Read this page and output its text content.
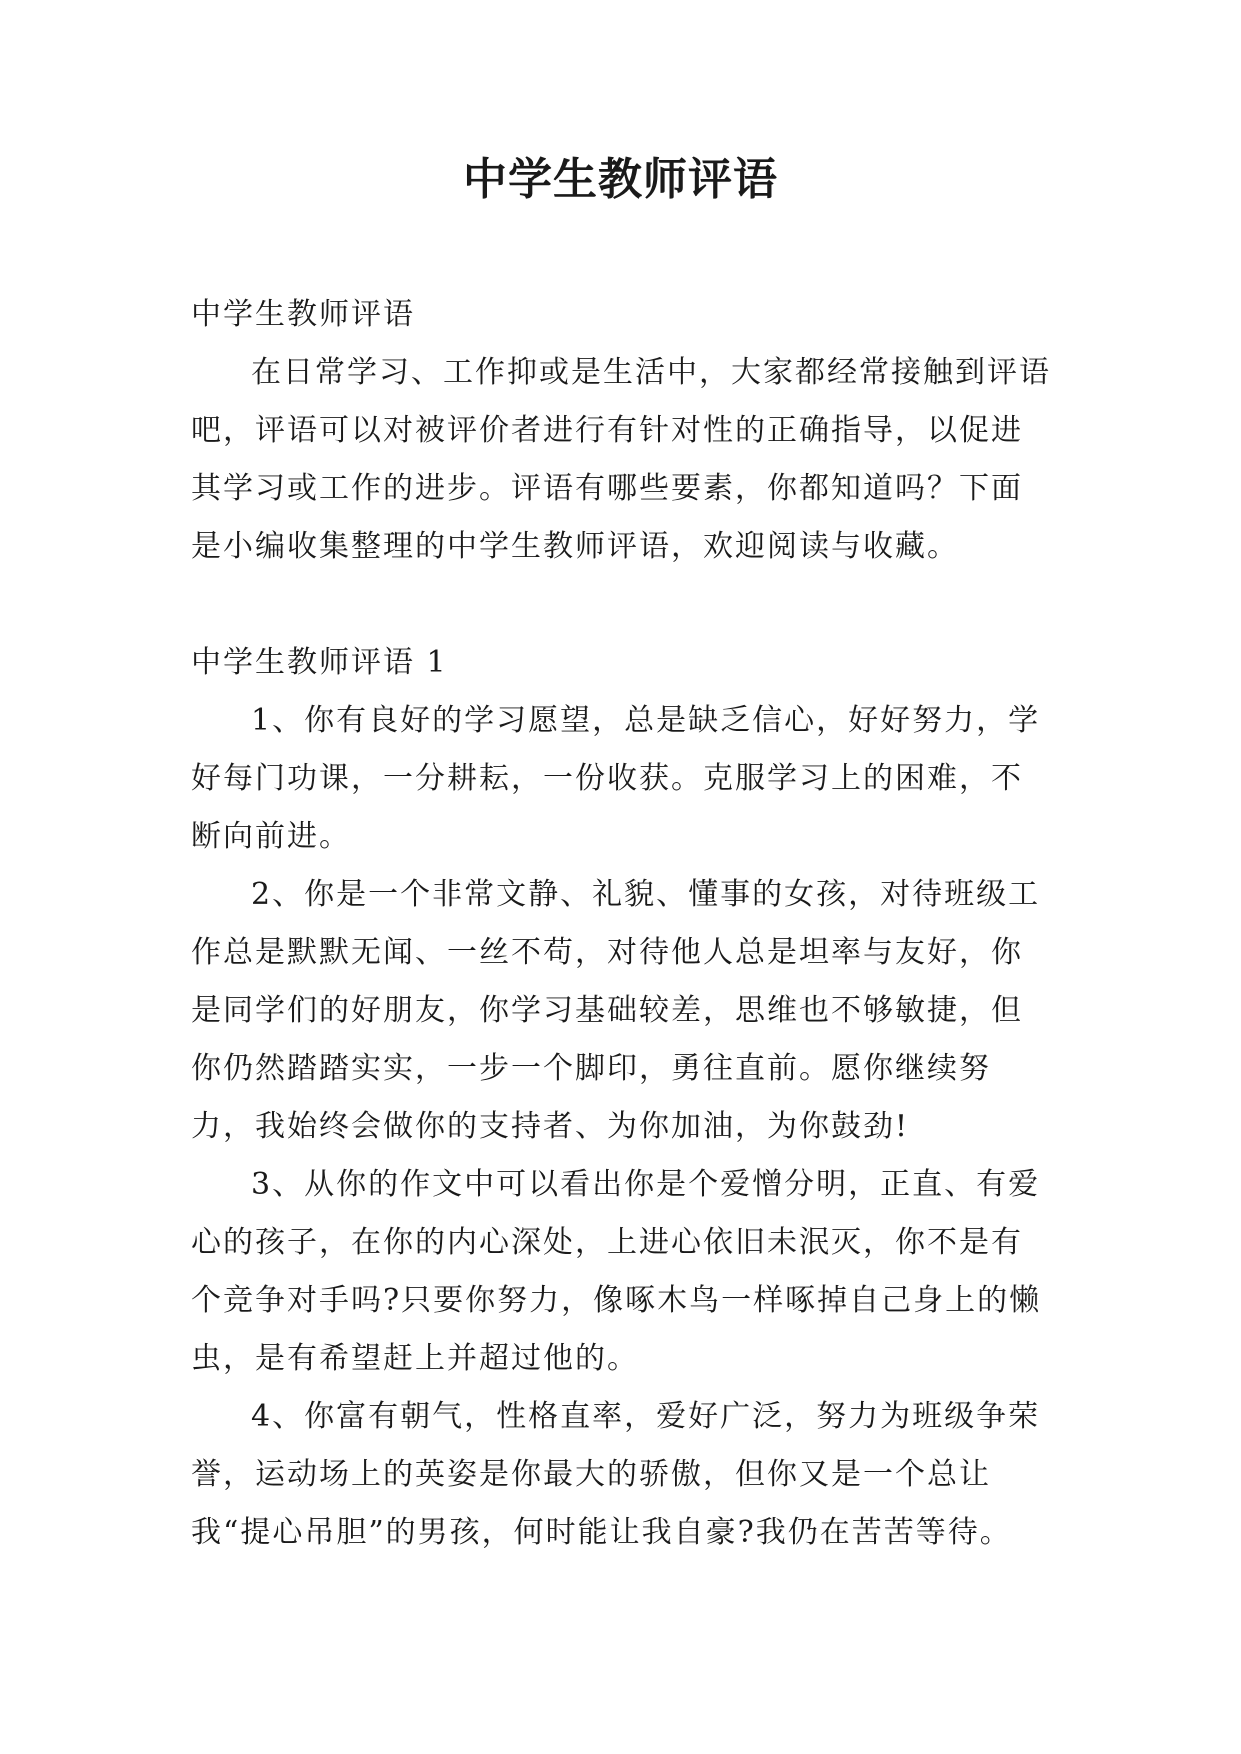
中学生教师评语

中学生教师评语

在日常学习、工作抑或是生活中，大家都经常接触到评语吧，评语可以对被评价者进行有针对性的正确指导，以促进其学习或工作的进步。评语有哪些要素，你都知道吗？下面是小编收集整理的中学生教师评语，欢迎阅读与收藏。

中学生教师评语 1

1、你有良好的学习愿望，总是缺乏信心，好好努力，学好每门功课，一分耕耘，一份收获。克服学习上的困难，不断向前进。

2、你是一个非常文静、礼貌、懂事的女孩，对待班级工作总是默默无闻、一丝不苟，对待他人总是坦率与友好，你是同学们的好朋友，你学习基础较差，思维也不够敏捷，但你仍然踏踏实实，一步一个脚印，勇往直前。愿你继续努力，我始终会做你的支持者、为你加油，为你鼓劲!

3、从你的作文中可以看出你是个爱憎分明，正直、有爱心的孩子，在你的内心深处，上进心依旧未泯灭，你不是有个竞争对手吗?只要你努力，像啄木鸟一样啄掉自己身上的懒虫，是有希望赶上并超过他的。

4、你富有朝气，性格直率，爱好广泛，努力为班级争荣誉，运动场上的英姿是你最大的骄傲，但你又是一个总让我“提心吊胆”的男孩，何时能让我自豪?我仍在苦苦等待。
